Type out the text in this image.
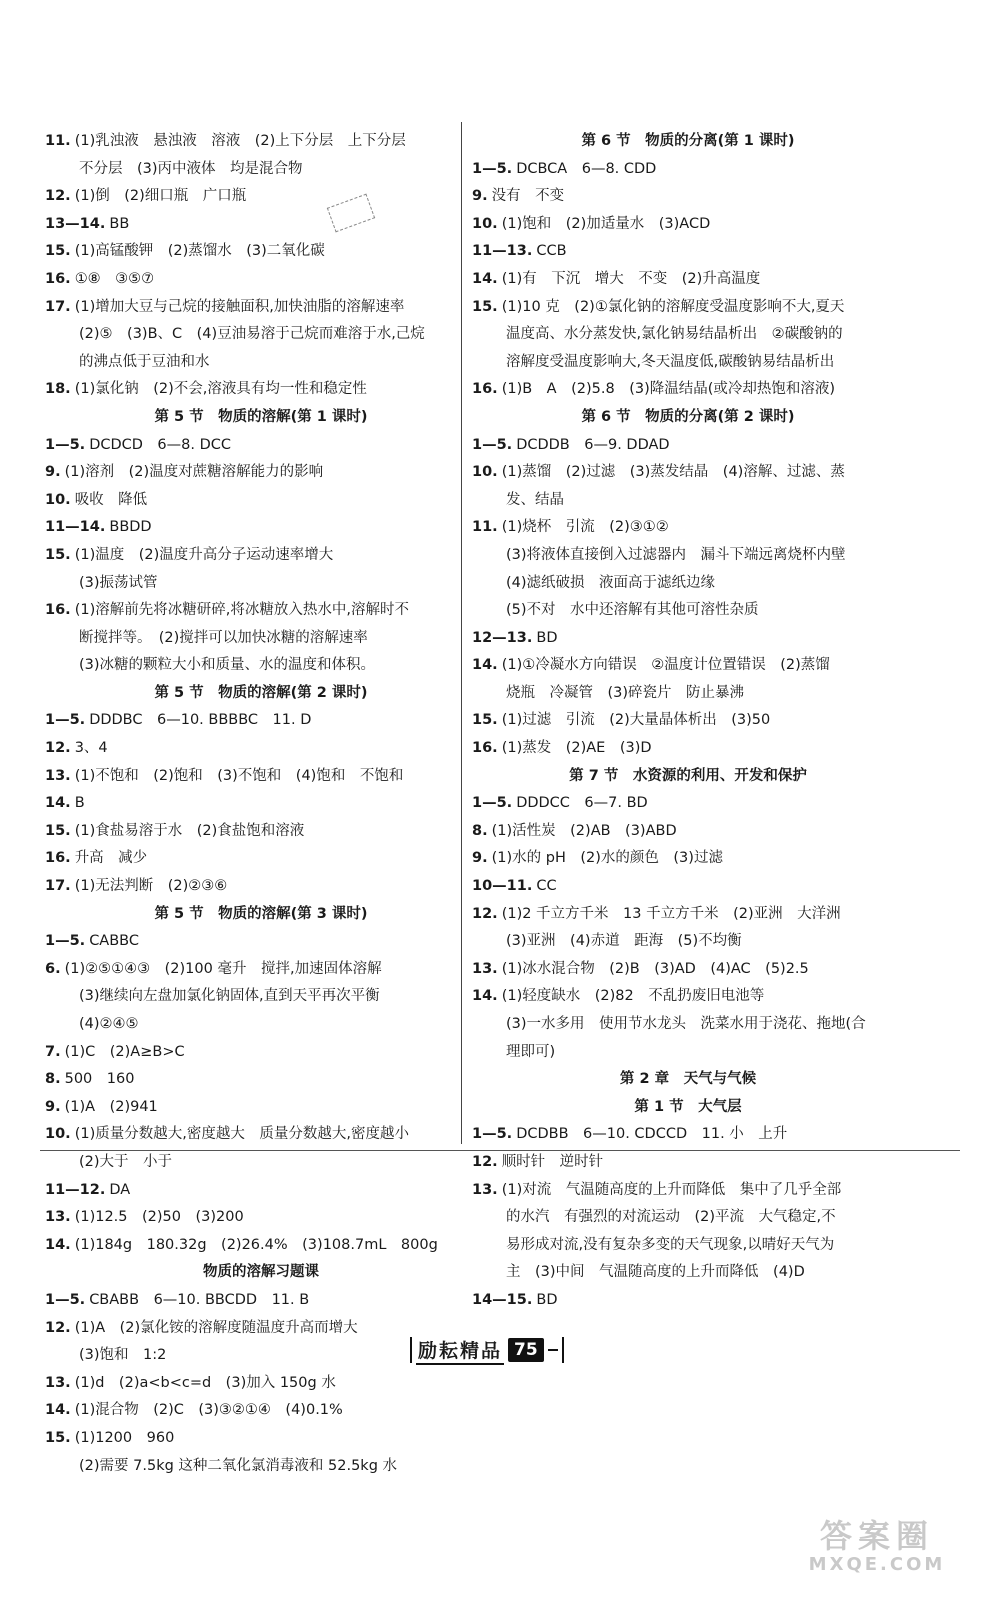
11. (1)乳浊液　悬浊液　溶液　(2)上下分层　上下分层
不分层　(3)丙中液体　均是混合物
12. (1)倒　(2)细口瓶　广口瓶
13—14. BB
15. (1)高锰酸钾　(2)蒸馏水　(3)二氧化碳
16. ①⑧　③⑤⑦
17. (1)增加大豆与己烷的接触面积,加快油脂的溶解速率
(2)⑤　(3)B、C　(4)豆油易溶于己烷而难溶于水,己烷
的沸点低于豆油和水
18. (1)氯化钠　(2)不会,溶液具有均一性和稳定性
第 5 节　物质的溶解(第 1 课时)
1—5. DCDCD　6—8. DCC
9. (1)溶剂　(2)温度对蔗糖溶解能力的影响
10. 吸收　降低
11—14. BBDD
15. (1)温度　(2)温度升高分子运动速率增大
(3)振荡试管
16. (1)溶解前先将冰糖研碎,将冰糖放入热水中,溶解时不
断搅拌等。　(2)搅拌可以加快冰糖的溶解速率
(3)冰糖的颗粒大小和质量、水的温度和体积。
第 5 节　物质的溶解(第 2 课时)
1—5. DDDBC　6—10. BBBBC　11. D
12. 3、4
13. (1)不饱和　(2)饱和　(3)不饱和　(4)饱和　不饱和
14. B
15. (1)食盐易溶于水　(2)食盐饱和溶液
16. 升高　减少
17. (1)无法判断　(2)②③⑥
第 5 节　物质的溶解(第 3 课时)
1—5. CABBC
6. (1)②⑤①④③　(2)100 毫升　搅拌,加速固体溶解
(3)继续向左盘加氯化钠固体,直到天平再次平衡
(4)②④⑤
7. (1)C　(2)A≥B>C
8. 500　160
9. (1)A　(2)941
10. (1)质量分数越大,密度越大　质量分数越大,密度越小
(2)大于　小于
11—12. DA
13. (1)12.5　(2)50　(3)200
14. (1)184g　180.32g　(2)26.4%　(3)108.7mL　800g
物质的溶解习题课
1—5. CBABB　6—10. BBCDD　11. B
12. (1)A　(2)氯化铵的溶解度随温度升高而增大
(3)饱和　1:2
13. (1)d　(2)a<b<c=d　(3)加入 150g 水
14. (1)混合物　(2)C　(3)③②①④　(4)0.1%
15. (1)1200　960
(2)需要 7.5kg 这种二氧化氯消毒液和 52.5kg 水
第 6 节　物质的分离(第 1 课时)
1—5. DCBCA　6—8. CDD
9. 没有　不变
10. (1)饱和　(2)加适量水　(3)ACD
11—13. CCB
14. (1)有　下沉　增大　不变　(2)升高温度
15. (1)10 克　(2)①氯化钠的溶解度受温度影响不大,夏天
温度高、水分蒸发快,氯化钠易结晶析出　②碳酸钠的
溶解度受温度影响大,冬天温度低,碳酸钠易结晶析出
16. (1)B　A　(2)5.8　(3)降温结晶(或冷却热饱和溶液)
第 6 节　物质的分离(第 2 课时)
1—5. DCDDB　6—9. DDAD
10. (1)蒸馏　(2)过滤　(3)蒸发结晶　(4)溶解、过滤、蒸
发、结晶
11. (1)烧杯　引流　(2)③①②
(3)将液体直接倒入过滤器内　漏斗下端远离烧杯内壁
(4)滤纸破损　液面高于滤纸边缘
(5)不对　水中还溶解有其他可溶性杂质
12—13. BD
14. (1)①冷凝水方向错误　②温度计位置错误　(2)蒸馏
烧瓶　冷凝管　(3)碎瓷片　防止暴沸
15. (1)过滤　引流　(2)大量晶体析出　(3)50
16. (1)蒸发　(2)AE　(3)D
第 7 节　水资源的利用、开发和保护
1—5. DDDCC　6—7. BD
8. (1)活性炭　(2)AB　(3)ABD
9. (1)水的 pH　(2)水的颜色　(3)过滤
10—11. CC
12. (1)2 千立方千米　13 千立方千米　(2)亚洲　大洋洲
(3)亚洲　(4)赤道　距海　(5)不均衡
13. (1)冰水混合物　(2)B　(3)AD　(4)AC　(5)2.5
14. (1)轻度缺水　(2)82　不乱扔废旧电池等
(3)一水多用　使用节水龙头　洗菜水用于浇花、拖地(合
理即可)
第 2 章　天气与气候
第 1 节　大气层
1—5. DCDBB　6—10. CDCCD　11. 小　上升
12. 顺时针　逆时针
13. (1)对流　气温随高度的上升而降低　集中了几乎全部
的水汽　有强烈的对流运动　(2)平流　大气稳定,不
易形成对流,没有复杂多变的天气现象,以晴好天气为
主　(3)中间　气温随高度的上升而降低　(4)D
14—15. BD
励耘精品 75
答案圈
MXQE.COM
